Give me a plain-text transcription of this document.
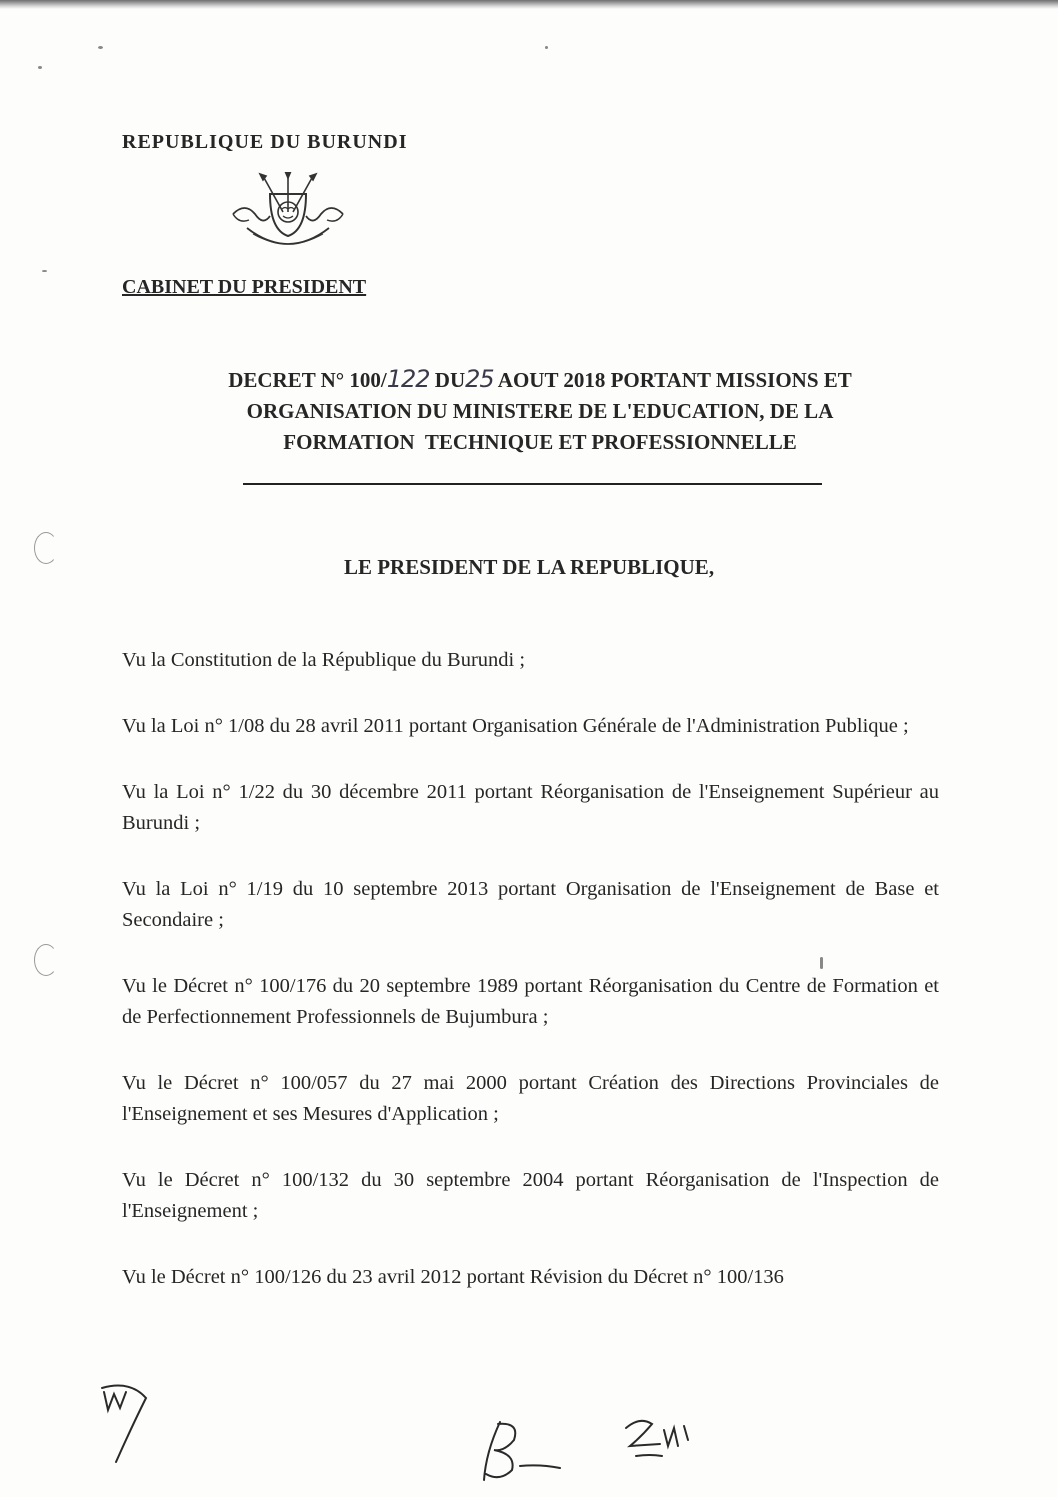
REPUBLIQUE DU BURUNDI
CABINET DU PRESIDENT
DECRET N° 100/122 DU25 AOUT 2018 PORTANT MISSIONS ET
ORGANISATION DU MINISTERE DE L'EDUCATION, DE LA
FORMATION  TECHNIQUE ET PROFESSIONNELLE
LE PRESIDENT DE LA REPUBLIQUE,

Vu la Constitution de la République du Burundi ;

Vu la Loi n° 1/08 du 28 avril 2011 portant Organisation Générale de l'Administration Publique ;

Vu la Loi n° 1/22 du 30 décembre 2011 portant Réorganisation de l'Enseignement Supérieur au Burundi ;

Vu la Loi n° 1/19 du 10 septembre 2013 portant Organisation de l'Enseignement de Base et Secondaire ;

Vu le Décret n° 100/176 du 20 septembre 1989 portant Réorganisation du Centre de Formation et de Perfectionnement Professionnels de Bujumbura ;

Vu le Décret n° 100/057 du 27 mai 2000 portant Création des Directions Provinciales de l'Enseignement et ses Mesures d'Application ;

Vu le Décret n° 100/132 du 30 septembre 2004 portant Réorganisation de l'Inspection de l'Enseignement ;

Vu le Décret n° 100/126 du 23 avril 2012 portant Révision du Décret n° 100/136
